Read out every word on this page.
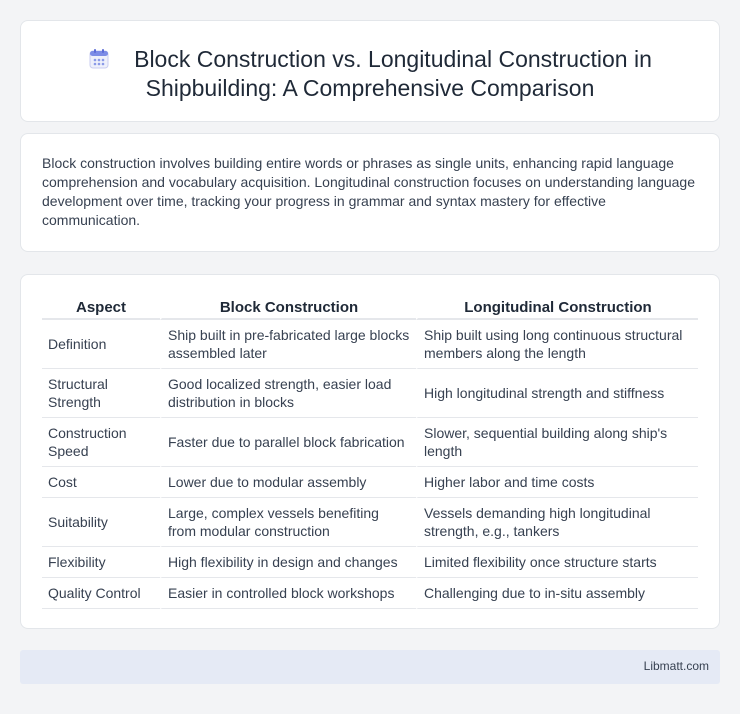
Block Construction vs. Longitudinal Construction in Shipbuilding: A Comprehensive Comparison

Block construction involves building entire words or phrases as single units, enhancing rapid language comprehension and vocabulary acquisition. Longitudinal construction focuses on understanding language development over time, tracking your progress in grammar and syntax mastery for effective communication.

Aspect	Block Construction	Longitudinal Construction
Definition	Ship built in pre-fabricated large blocks assembled later	Ship built using long continuous structural members along the length
Structural Strength	Good localized strength, easier load distribution in blocks	High longitudinal strength and stiffness
Construction Speed	Faster due to parallel block fabrication	Slower, sequential building along ship's length
Cost	Lower due to modular assembly	Higher labor and time costs
Suitability	Large, complex vessels benefiting from modular construction	Vessels demanding high longitudinal strength, e.g., tankers
Flexibility	High flexibility in design and changes	Limited flexibility once structure starts
Quality Control	Easier in controlled block workshops	Challenging due to in-situ assembly
Libmatt.com
